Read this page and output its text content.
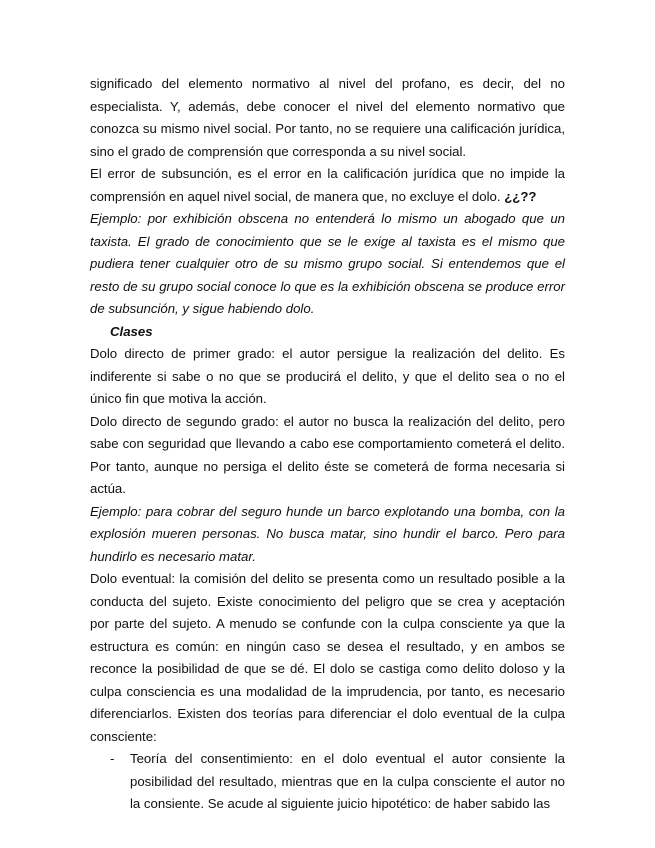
significado del elemento normativo al nivel del profano, es decir, del no especialista. Y, además, debe conocer el nivel del elemento normativo que conozca su mismo nivel social. Por tanto, no se requiere una calificación jurídica, sino el grado de comprensión que corresponda a su nivel social.

El error de subsunción, es el error en la calificación jurídica que no impide la comprensión en aquel nivel social, de manera que, no excluye el dolo. ¿¿??

Ejemplo: por exhibición obscena no entenderá lo mismo un abogado que un taxista. El grado de conocimiento que se le exige al taxista es el mismo que pudiera tener cualquier otro de su mismo grupo social. Si entendemos que el resto de su grupo social conoce lo que es la exhibición obscena se produce error de subsunción, y sigue habiendo dolo.

Clases

Dolo directo de primer grado: el autor persigue la realización del delito. Es indiferente si sabe o no que se producirá el delito, y que el delito sea o no el único fin que motiva la acción.

Dolo directo de segundo grado: el autor no busca la realización del delito, pero sabe con seguridad que llevando a cabo ese comportamiento cometerá el delito. Por tanto, aunque no persiga el delito éste se cometerá de forma necesaria si actúa.

Ejemplo: para cobrar del seguro hunde un barco explotando una bomba, con la explosión mueren personas. No busca matar, sino hundir el barco. Pero para hundirlo es necesario matar.

Dolo eventual: la comisión del delito se presenta como un resultado posible a la conducta del sujeto. Existe conocimiento del peligro que se crea y aceptación por parte del sujeto. A menudo se confunde con la culpa consciente ya que la estructura es común: en ningún caso se desea el resultado, y en ambos se reconce la posibilidad de que se dé. El dolo se castiga como delito doloso y la culpa consciencia es una modalidad de la imprudencia, por tanto, es necesario diferenciarlos. Existen dos teorías para diferenciar el dolo eventual de la culpa consciente:

- Teoría del consentimiento: en el dolo eventual el autor consiente la posibilidad del resultado, mientras que en la culpa consciente el autor no la consiente. Se acude al siguiente juicio hipotético: de haber sabido las
